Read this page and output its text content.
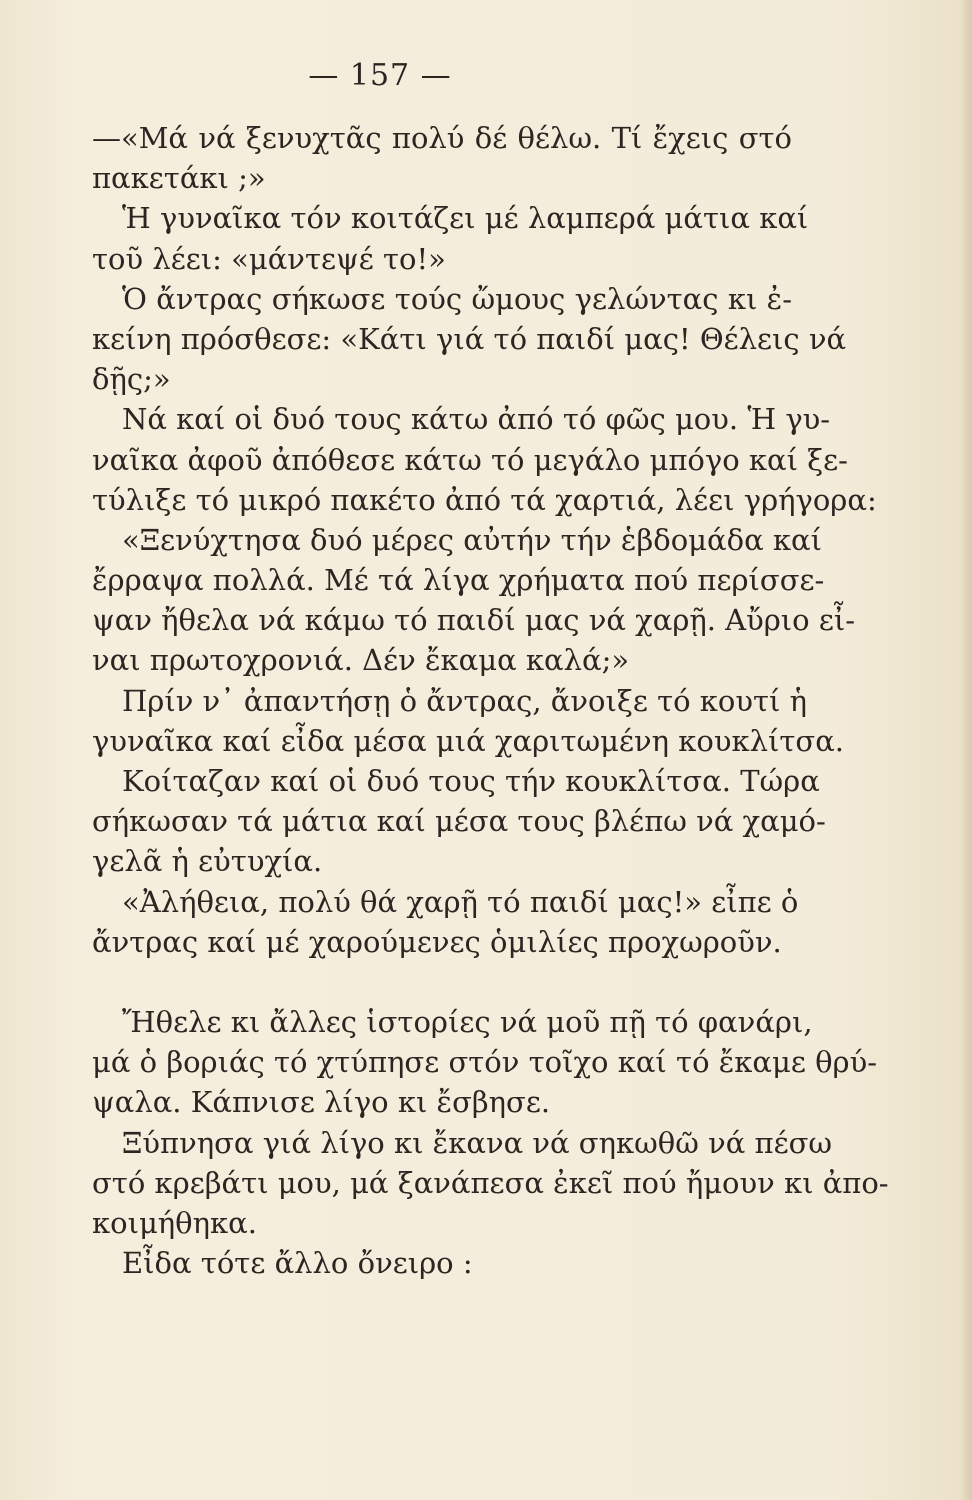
— 157 —
—«Μά νά ξενυχτᾶς πολύ δέ θέλω. Τί ἔχεις στό
πακετάκι ;»
Ἡ γυναῖκα τόν κοιτάζει μέ λαμπερά μάτια καί
τοῦ λέει: «μάντεψέ το!»
Ὁ ἄντρας σήκωσε τούς ὤμους γελώντας κι ἐ-
κείνη πρόσθεσε: «Κάτι γιά τό παιδί μας! Θέλεις νά
δῇς;»
Νά καί οἱ δυό τους κάτω ἀπό τό φῶς μου. Ἡ γυ-
ναῖκα ἀφοῦ ἀπόθεσε κάτω τό μεγάλο μπόγο καί ξε-
τύλιξε τό μικρό πακέτο ἀπό τά χαρτιά, λέει γρήγορα:
«Ξενύχτησα δυό μέρες αὐτήν τήν ἑβδομάδα καί
ἔρραψα πολλά. Μέ τά λίγα χρήματα πού περίσσε-
ψαν ἤθελα νά κάμω τό παιδί μας νά χαρῇ. Αὔριο εἶ-
ναι πρωτοχρονιά. Δέν ἔκαμα καλά;»
Πρίν ν᾽ ἀπαντήσῃ ὁ ἄντρας, ἄνοιξε τό κουτί ἡ
γυναῖκα καί εἶδα μέσα μιά χαριτωμένη κουκλίτσα.
Κοίταζαν καί οἱ δυό τους τήν κουκλίτσα. Τώρα
σήκωσαν τά μάτια καί μέσα τους βλέπω νά χαμό-
γελᾶ ἡ εὐτυχία.
«Ἀλήθεια, πολύ θά χαρῇ τό παιδί μας!» εἶπε ὁ
ἄντρας καί μέ χαρούμενες ὁμιλίες προχωροῦν.
Ἤθελε κι ἄλλες ἱστορίες νά μοῦ πῇ τό φανάρι,
μά ὁ βοριάς τό χτύπησε στόν τοῖχο καί τό ἔκαμε θρύ-
ψαλα. Κάπνισε λίγο κι ἔσβησε.
Ξύπνησα γιά λίγο κι ἔκανα νά σηκωθῶ νά πέσω
στό κρεβάτι μου, μά ξανάπεσα ἐκεῖ πού ἤμουν κι ἀπο-
κοιμήθηκα.
Εἶδα τότε ἄλλο ὄνειρο :
